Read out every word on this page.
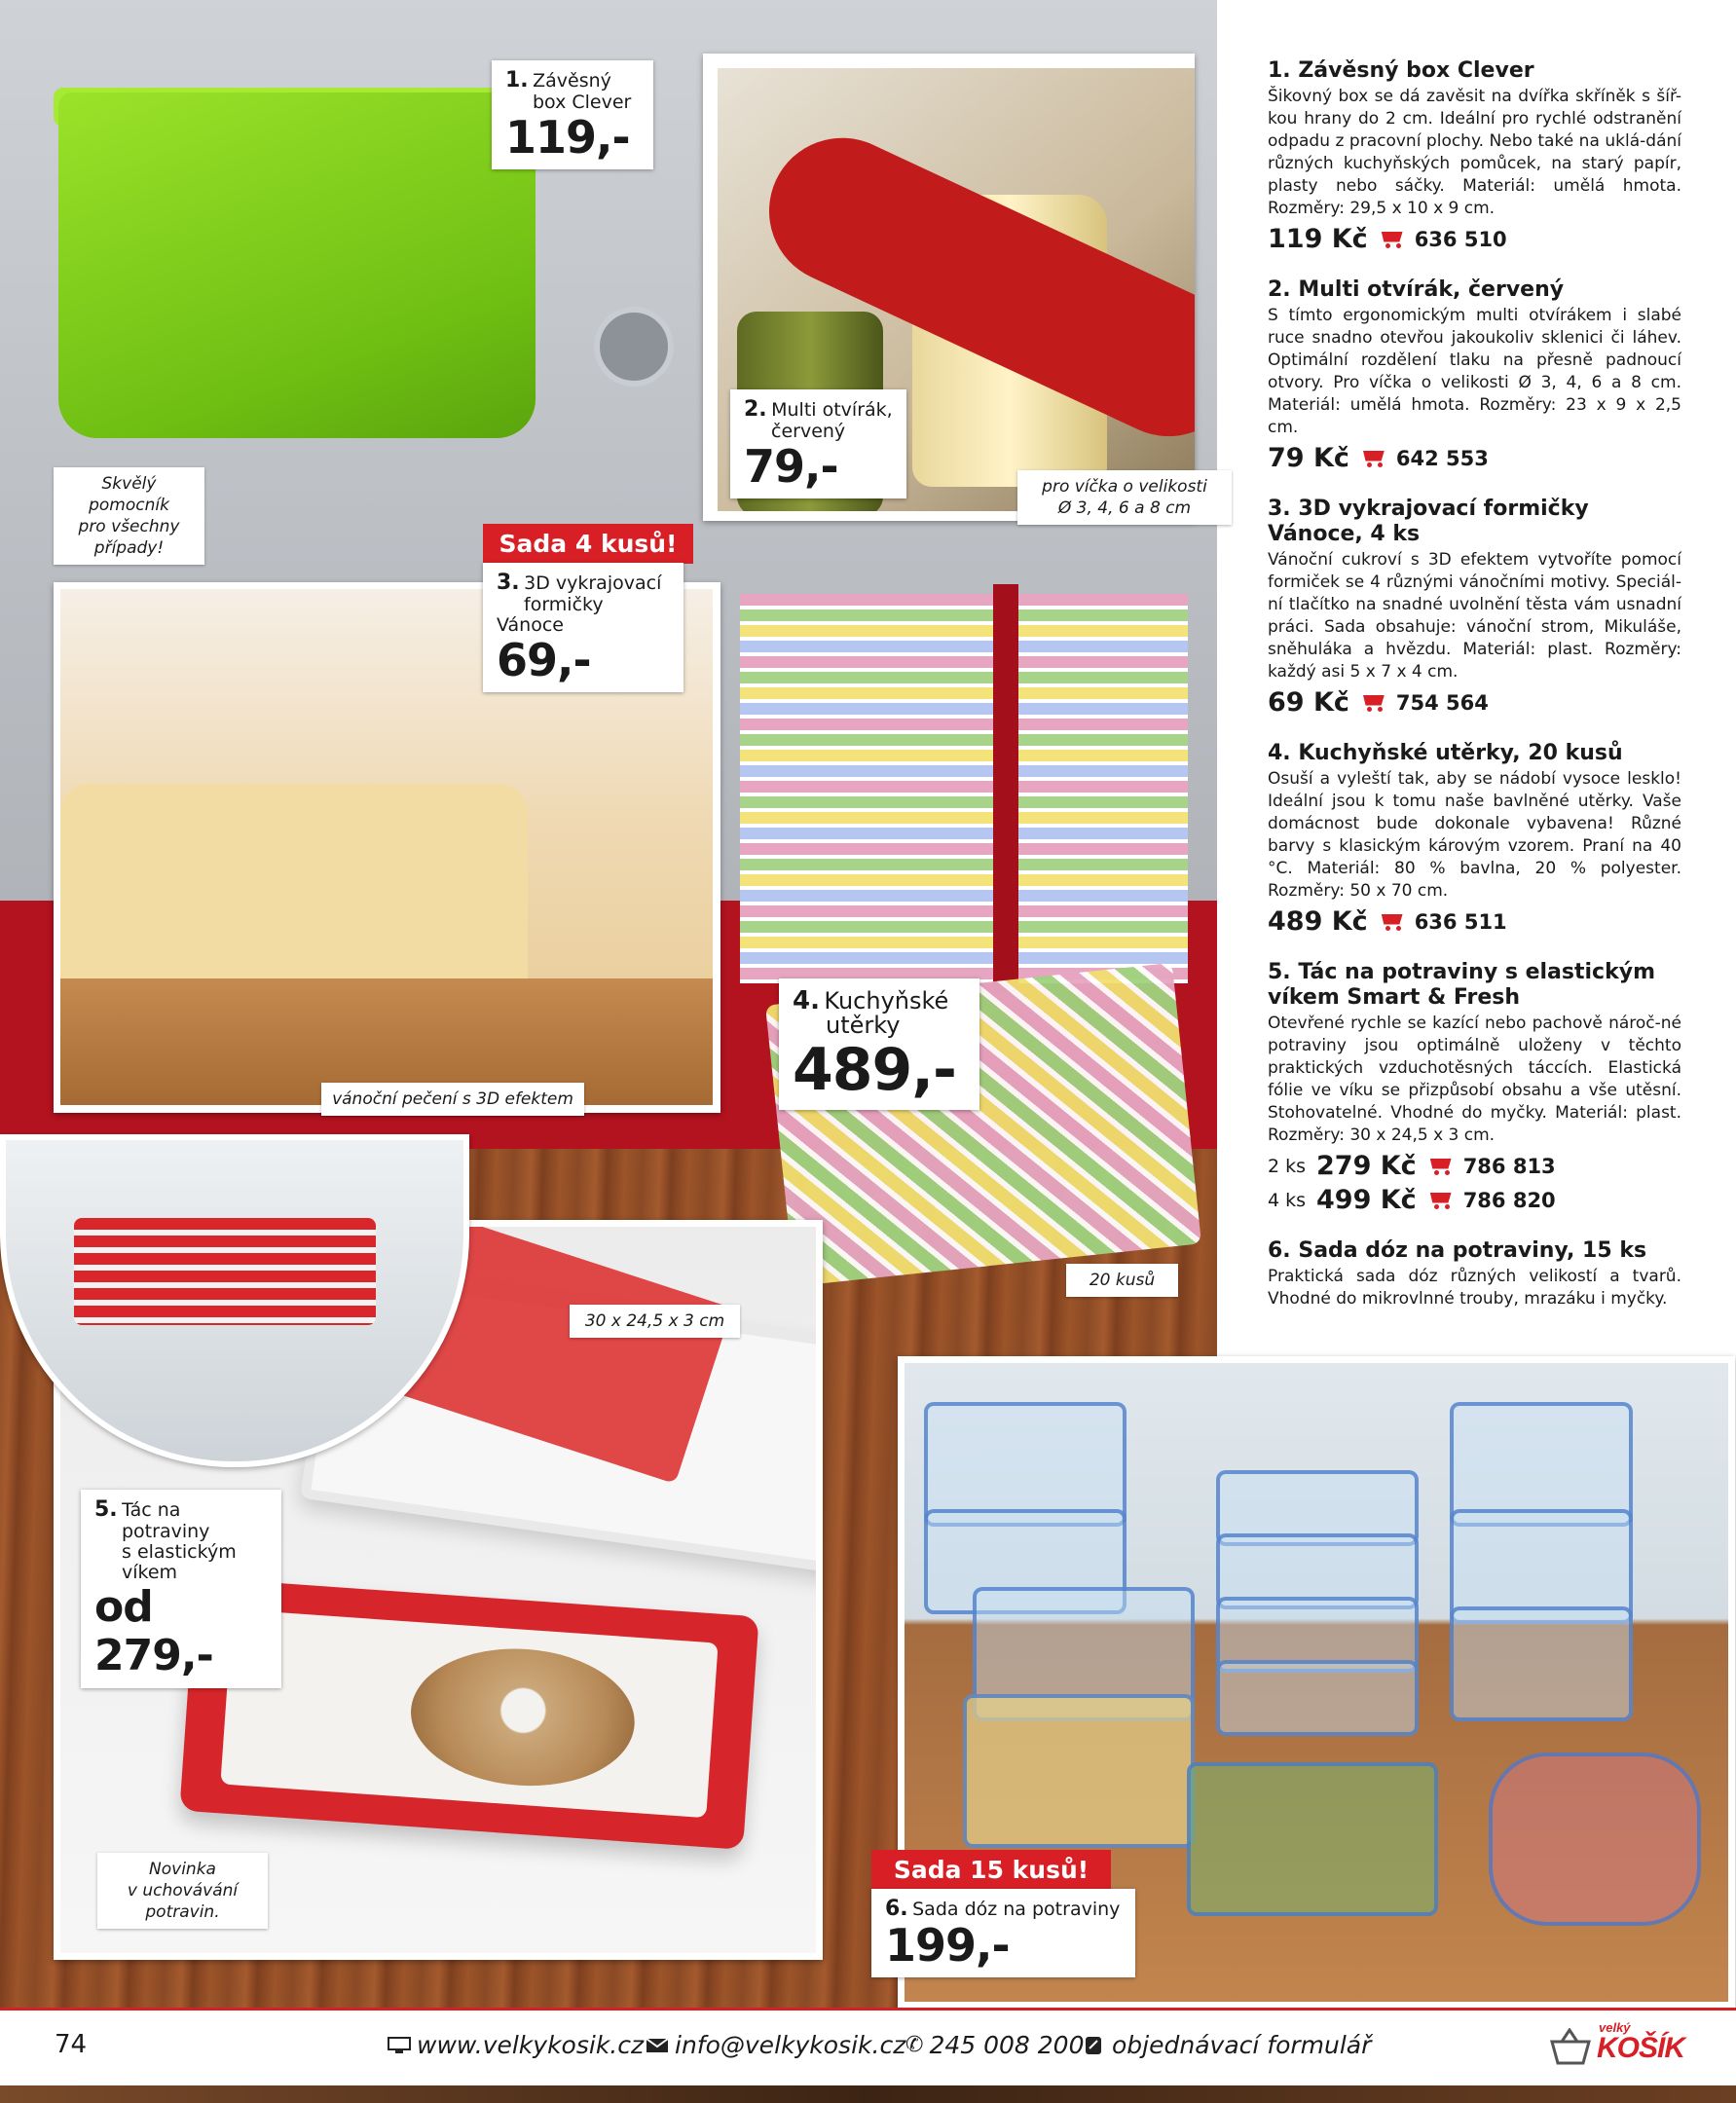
1. Závěsný
box Clever
119,-
2. Multi otvírák,
červený
79,-
Sada 4 kusů!
3. 3D vykrajovací
formičky Vánoce
69,-
4. Kuchyňské
utěrky
489,-
5. Tác na

potraviny
s elastickým
víkem
od 279,-
Sada 15 kusů!
6. Sada dóz na potraviny
199,-
Skvělý pomocník
pro všechny
případy!
pro víčka o velikosti
Ø 3, 4, 6 a 8 cm
vánoční pečení s 3D efektem
20 kusů
30 x 24,5 x 3 cm
Novinka
v uchovávání
potravin.
1. Závěsný box Clever

Šikovný box se dá zavěsit na dvířka skříněk s šíř-kou hrany do 2 cm. Ideální pro rychlé odstranění odpadu z pracovní plochy. Nebo také na uklá-dání různých kuchyňských pomůcek, na starý papír, plasty nebo sáčky. Materiál: umělá hmota. Rozměry: 29,5 x 10 x 9 cm.

119 Kč 636 510
2. Multi otvírák, červený

S tímto ergonomickým multi otvírákem i slabé ruce snadno otevřou jakoukoliv sklenici či láhev. Optimální rozdělení tlaku na přesně padnoucí otvory. Pro víčka o velikosti Ø 3, 4, 6 a 8 cm. Materiál: umělá hmota. Rozměry: 23 x 9 x 2,5 cm.

79 Kč 642 553
3. 3D vykrajovací formičky Vánoce, 4 ks

Vánoční cukroví s 3D efektem vytvoříte pomocí formiček se 4 různými vánočními motivy. Speciál-ní tlačítko na snadné uvolnění těsta vám usnadní práci. Sada obsahuje: vánoční strom, Mikuláše, sněhuláka a hvězdu. Materiál: plast. Rozměry: každý asi 5 x 7 x 4 cm.

69 Kč 754 564
4. Kuchyňské utěrky, 20 kusů

Osuší a vyleští tak, aby se nádobí vysoce lesklo! Ideální jsou k tomu naše bavlněné utěrky. Vaše domácnost bude dokonale vybavena! Různé barvy s klasickým károvým vzorem. Praní na 40 °C. Materiál: 80 % bavlna, 20 % polyester. Rozměry: 50 x 70 cm.

489 Kč 636 511
5. Tác na potraviny s elastickým víkem Smart & Fresh

Otevřené rychle se kazící nebo pachově nároč-né potraviny jsou optimálně uloženy v těchto praktických vzduchotěsných táccích. Elastická fólie ve víku se přizpůsobí obsahu a vše utěsní. Stohovatelné. Vhodné do myčky. Materiál: plast. Rozměry: 30 x 24,5 x 3 cm.

2 ks 279 Kč 786 813
4 ks 499 Kč 786 820
6. Sada dóz na potraviny, 15 ks

Praktická sada dóz různých velikostí a tvarů. Vhodné do mikrovlnné trouby, mrazáku i myčky.

74	www.velkykosik.cz info@velkykosik.cz ✆ 245 008 200 objednávací formulář
velký
KOŠÍK
